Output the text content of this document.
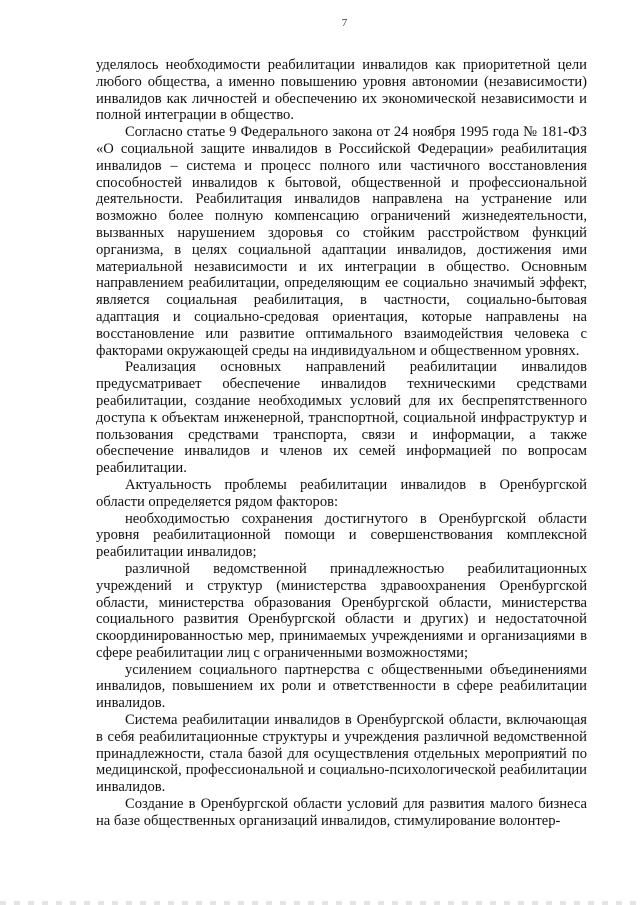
7

уделялось необходимости реабилитации инвалидов как приоритетной цели любого общества, а именно повышению уровня автономии (независимости) инвалидов как личностей и обеспечению их экономической независимости и полной интеграции в общество.

Согласно статье 9 Федерального закона от 24 ноября 1995 года № 181-ФЗ «О социальной защите инвалидов в Российской Федерации» реабилитация инвалидов – система и процесс полного или частичного восстановления способностей инвалидов к бытовой, общественной и профессиональной деятельности. Реабилитация инвалидов направлена на устранение или возможно более полную компенсацию ограничений жизнедеятельности, вызванных нарушением здоровья со стойким расстройством функций организма, в целях социальной адаптации инвалидов, достижения ими материальной независимости и их интеграции в общество. Основным направлением реабилитации, определяющим ее социально значимый эффект, является социальная реабилитация, в частности, социально-бытовая адаптация и социально-средовая ориентация, которые направлены на восстановление или развитие оптимального взаимодействия человека с факторами окружающей среды на индивидуальном и общественном уровнях.

Реализация основных направлений реабилитации инвалидов предусматривает обеспечение инвалидов техническими средствами реабилитации, создание необходимых условий для их беспрепятственного доступа к объектам инженерной, транспортной, социальной инфраструктур и пользования средствами транспорта, связи и информации, а также обеспечение инвалидов и членов их семей информацией по вопросам реабилитации.

Актуальность проблемы реабилитации инвалидов в Оренбургской области определяется рядом факторов:

необходимостью сохранения достигнутого в Оренбургской области уровня реабилитационной помощи и совершенствования комплексной реабилитации инвалидов;

различной ведомственной принадлежностью реабилитационных учреждений и структур (министерства здравоохранения Оренбургской области, министерства образования Оренбургской области, министерства социального развития Оренбургской области и других) и недостаточной скоординированностью мер, принимаемых учреждениями и организациями в сфере реабилитации лиц с ограниченными возможностями;

усилением социального партнерства с общественными объединениями инвалидов, повышением их роли и ответственности в сфере реабилитации инвалидов.

Система реабилитации инвалидов в Оренбургской области, включающая в себя реабилитационные структуры и учреждения различной ведомственной принадлежности, стала базой для осуществления отдельных мероприятий по медицинской, профессиональной и социально-психологической реабилитации инвалидов.

Создание в Оренбургской области условий для развития малого бизнеса на базе общественных организаций инвалидов, стимулирование волонтер-
